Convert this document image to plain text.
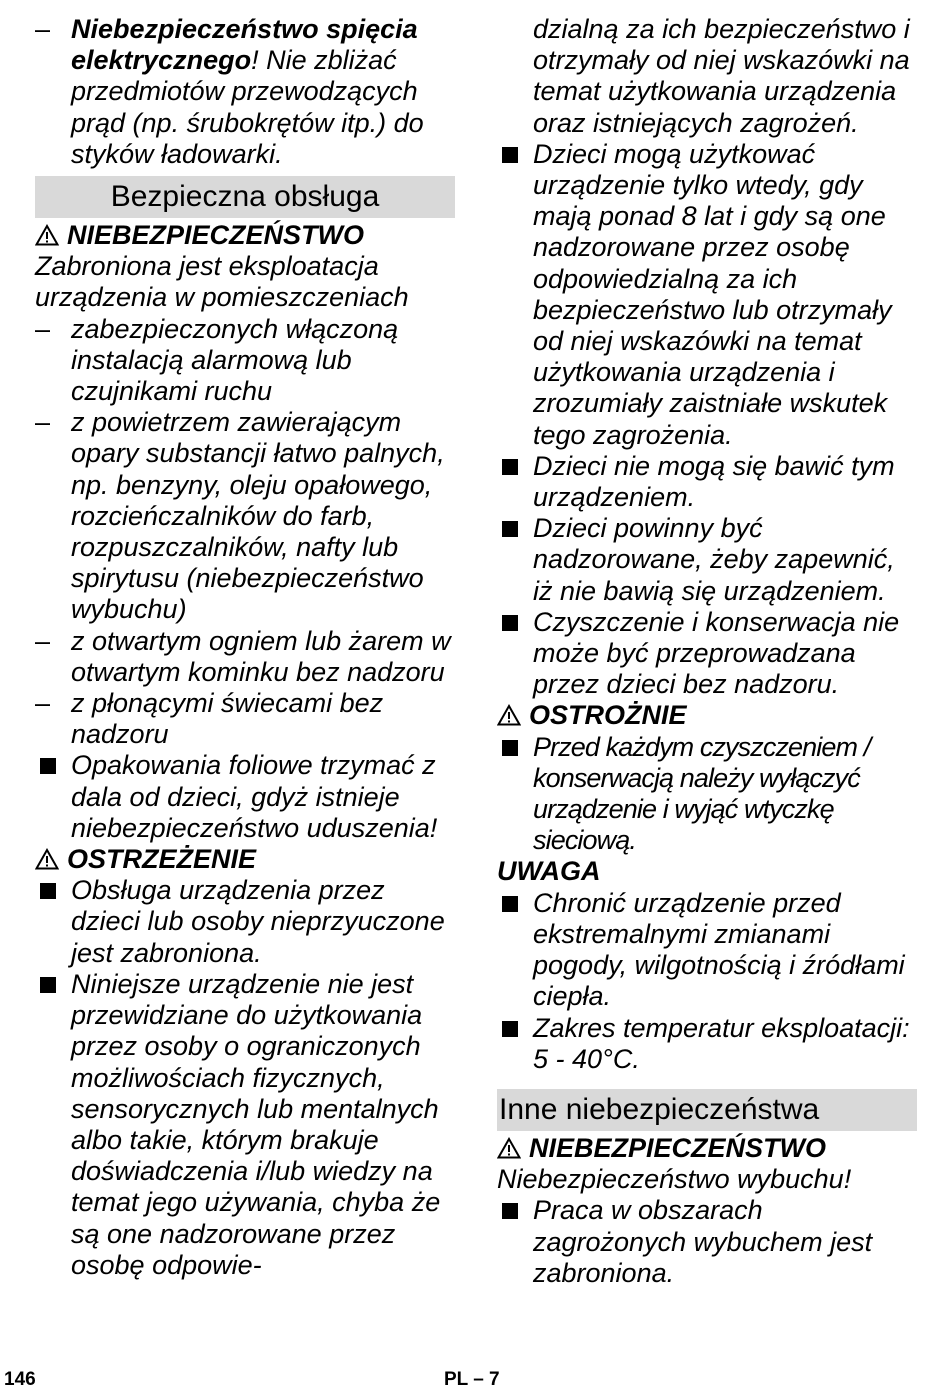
– Niebezpieczeństwo spięcia elektrycznego! Nie zbliżać przedmiotów przewodzących prąd (np. śrubokrętów itp.) do styków ładowarki.
Bezpieczna obsługa
NIEBEZPIECZEŃSTWO
Zabroniona jest eksploatacja urządzenia w pomieszczeniach
– zabezpieczonych włączoną instalacją alarmową lub czujnikami ruchu
– z powietrzem zawierającym opary substancji łatwo palnych, np. benzyny, oleju opałowego, rozcieńczalników do farb, rozpuszczalników, nafty lub spirytusu (niebezpieczeństwo wybuchu)
– z otwartym ogniem lub żarem w otwartym kominku bez nadzoru
– z płonącymi świecami bez nadzoru
Opakowania foliowe trzymać z dala od dzieci, gdyż istnieje niebezpieczeństwo uduszenia!
OSTRZEŻENIE
Obsługa urządzenia przez dzieci lub osoby nieprzyuczone jest zabroniona.
Niniejsze urządzenie nie jest przewidziane do użytkowania przez osoby o ograniczonych możliwościach fizycznych, sensorycznych lub mentalnych albo takie, którym brakuje doświadczenia i/lub wiedzy na temat jego używania, chyba że są one nadzorowane przez osobę odpowie-
dzialną za ich bezpieczeństwo i otrzymały od niej wskazówki na temat użytkowania urządzenia oraz istniejących zagrożeń.
Dzieci mogą użytkować urządzenie tylko wtedy, gdy mają ponad 8 lat i gdy są one nadzorowane przez osobę odpowiedzialną za ich bezpieczeństwo lub otrzymały od niej wskazówki na temat użytkowania urządzenia i zrozumiały zaistniałe wskutek tego zagrożenia.
Dzieci nie mogą się bawić tym urządzeniem.
Dzieci powinny być nadzorowane, żeby zapewnić, iż nie bawią się urządzeniem.
Czyszczenie i konserwacja nie może być przeprowadzana przez dzieci bez nadzoru.
OSTROŻNIE
Przed każdym czyszczeniem / konserwacją należy wyłączyć urządzenie i wyjąć wtyczkę sieciową.
UWAGA
Chronić urządzenie przed ekstremalnymi zmianami pogody, wilgotnością i źródłami ciepła.
Zakres temperatur eksploatacji: 5 - 40°C.
Inne niebezpieczeństwa
NIEBEZPIECZEŃSTWO
Niebezpieczeństwo wybuchu!
Praca w obszarach zagrożonych wybuchem jest zabroniona.
146	PL – 7
